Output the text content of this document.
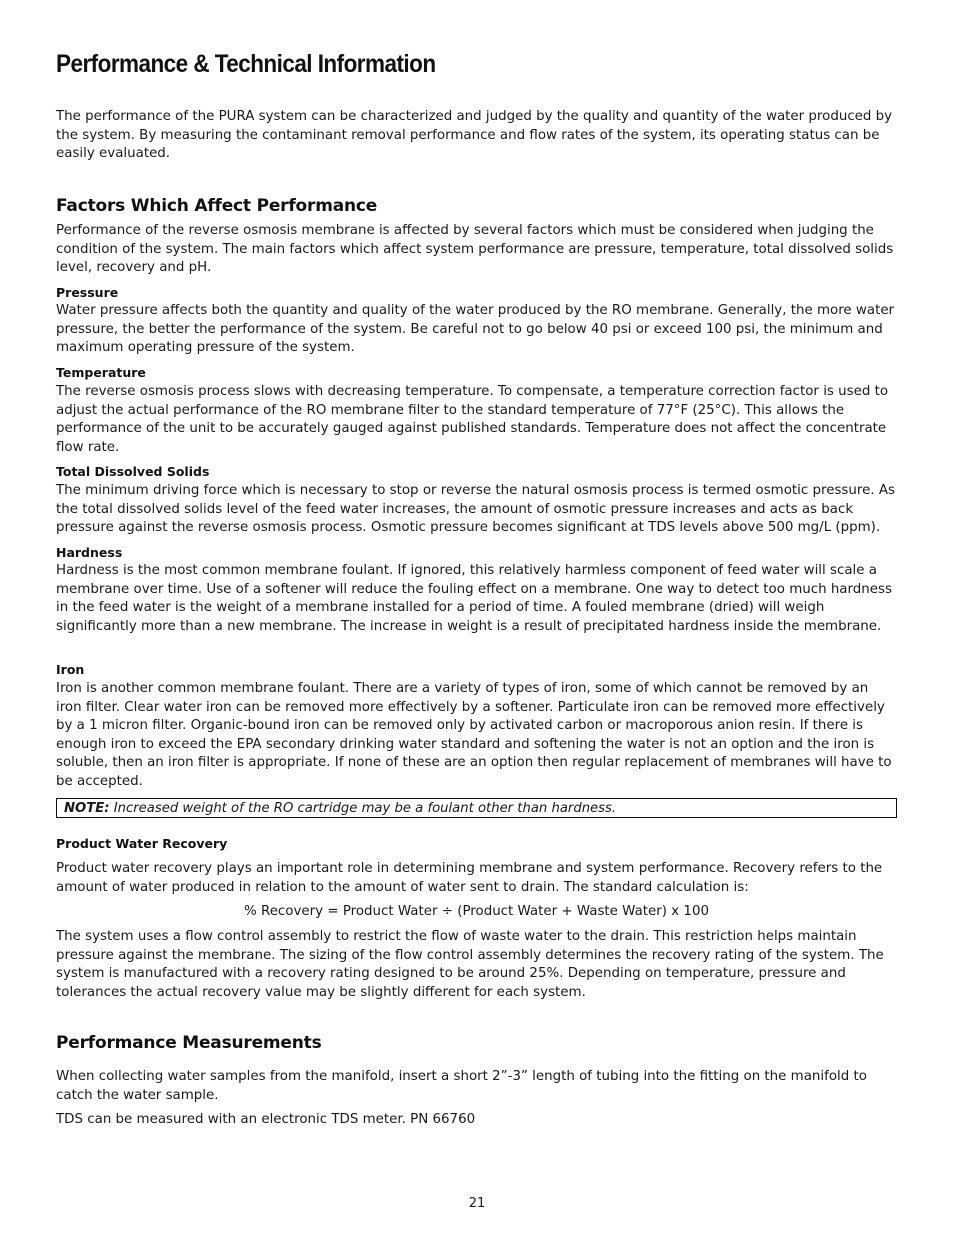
Performance & Technical Information

The performance of the PURA system can be characterized and judged by the quality and quantity of the water produced by the system. By measuring the contaminant removal performance and flow rates of the system, its operating status can be easily evaluated.

Factors Which Affect Performance

Performance of the reverse osmosis membrane is affected by several factors which must be considered when judging the condition of the system. The main factors which affect system performance are pressure, temperature, total dissolved solids level, recovery and pH.

Pressure

Water pressure affects both the quantity and quality of the water produced by the RO membrane. Generally, the more water pressure, the better the performance of the system. Be careful not to go below 40 psi or exceed 100 psi, the minimum and maximum operating pressure of the system.

Temperature

The reverse osmosis process slows with decreasing temperature. To compensate, a temperature correction factor is used to adjust the actual performance of the RO membrane filter to the standard temperature of 77°F (25°C). This allows the performance of the unit to be accurately gauged against published standards. Temperature does not affect the concentrate flow rate.

Total Dissolved Solids

The minimum driving force which is necessary to stop or reverse the natural osmosis process is termed osmotic pressure. As the total dissolved solids level of the feed water increases, the amount of osmotic pressure increases and acts as back pressure against the reverse osmosis process. Osmotic pressure becomes significant at TDS levels above 500 mg/L (ppm).

Hardness

Hardness is the most common membrane foulant. If ignored, this relatively harmless component of feed water will scale a membrane over time. Use of a softener will reduce the fouling effect on a membrane. One way to detect too much hardness in the feed water is the weight of a membrane installed for a period of time. A fouled membrane (dried) will weigh significantly more than a new membrane. The increase in weight is a result of precipitated hardness inside the membrane.

Iron

Iron is another common membrane foulant. There are a variety of types of iron, some of which cannot be removed by an iron filter. Clear water iron can be removed more effectively by a softener. Particulate iron can be removed more effectively by a 1 micron filter. Organic-bound iron can be removed only by activated carbon or macroporous anion resin. If there is enough iron to exceed the EPA secondary drinking water standard and softening the water is not an option and the iron is soluble, then an iron filter is appropriate. If none of these are an option then regular replacement of membranes will have to be accepted.

NOTE: Increased weight of the RO cartridge may be a foulant other than hardness.
Product Water Recovery

Product water recovery plays an important role in determining membrane and system performance. Recovery refers to the amount of water produced in relation to the amount of water sent to drain. The standard calculation is:

% Recovery = Product Water ÷ (Product Water + Waste Water) x 100

The system uses a flow control assembly to restrict the flow of waste water to the drain. This restriction helps maintain pressure against the membrane. The sizing of the flow control assembly determines the recovery rating of the system. The system is manufactured with a recovery rating designed to be around 25%. Depending on temperature, pressure and tolerances the actual recovery value may be slightly different for each system.

Performance Measurements

When collecting water samples from the manifold, insert a short 2”-3” length of tubing into the fitting on the manifold to catch the water sample.

TDS can be measured with an electronic TDS meter. PN 66760

21
